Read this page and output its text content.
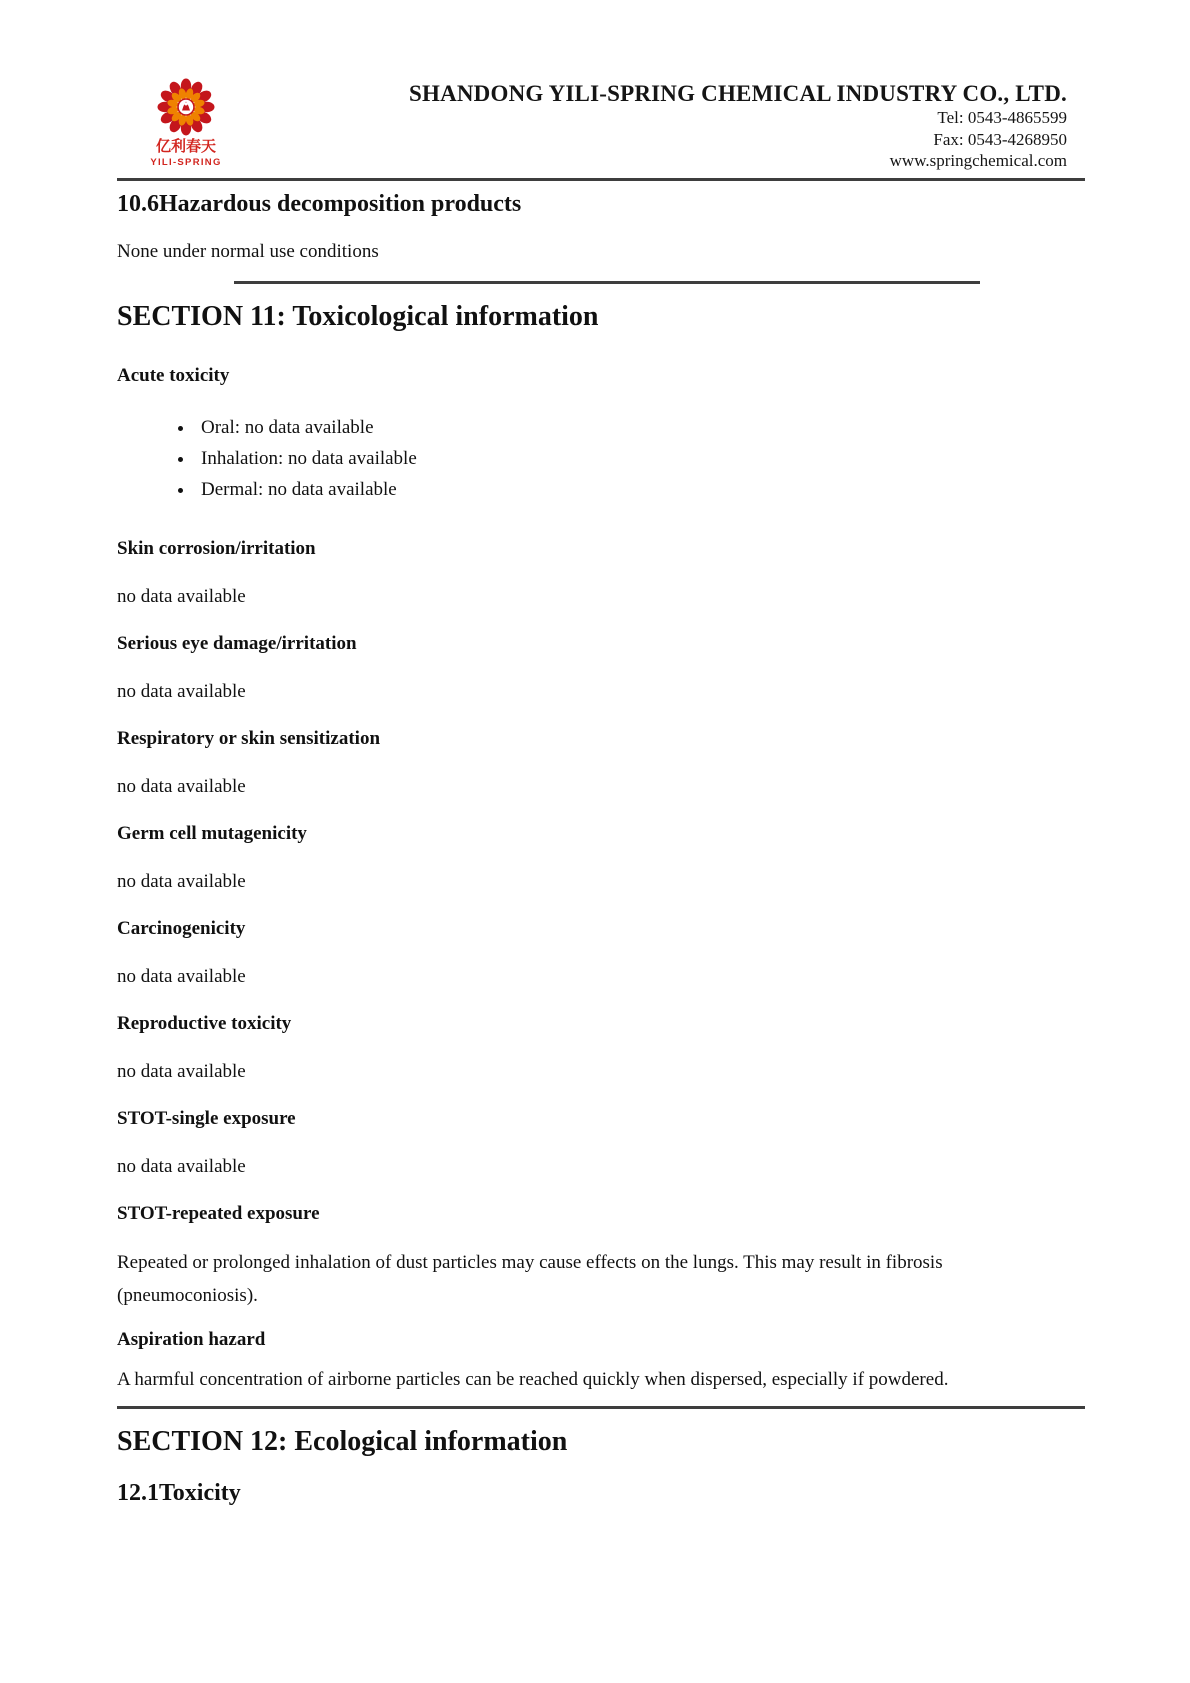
亿利春天
YILI-SPRING
SHANDONG YILI-SPRING CHEMICAL INDUSTRY CO., LTD.
Tel: 0543-4865599
Fax: 0543-4268950
www.springchemical.com
10.6Hazardous decomposition products

None under normal use conditions

SECTION 11: Toxicological information
Acute toxicity
• Oral: no data available
• Inhalation: no data available
• Dermal: no data available
Skin corrosion/irritation

no data available

Serious eye damage/irritation

no data available

Respiratory or skin sensitization

no data available

Germ cell mutagenicity

no data available

Carcinogenicity

no data available

Reproductive toxicity

no data available

STOT-single exposure

no data available

STOT-repeated exposure

Repeated or prolonged inhalation of dust particles may cause effects on the lungs. This may result in fibrosis (pneumoconiosis).

Aspiration hazard

A harmful concentration of airborne particles can be reached quickly when dispersed, especially if powdered.

SECTION 12: Ecological information
12.1Toxicity
